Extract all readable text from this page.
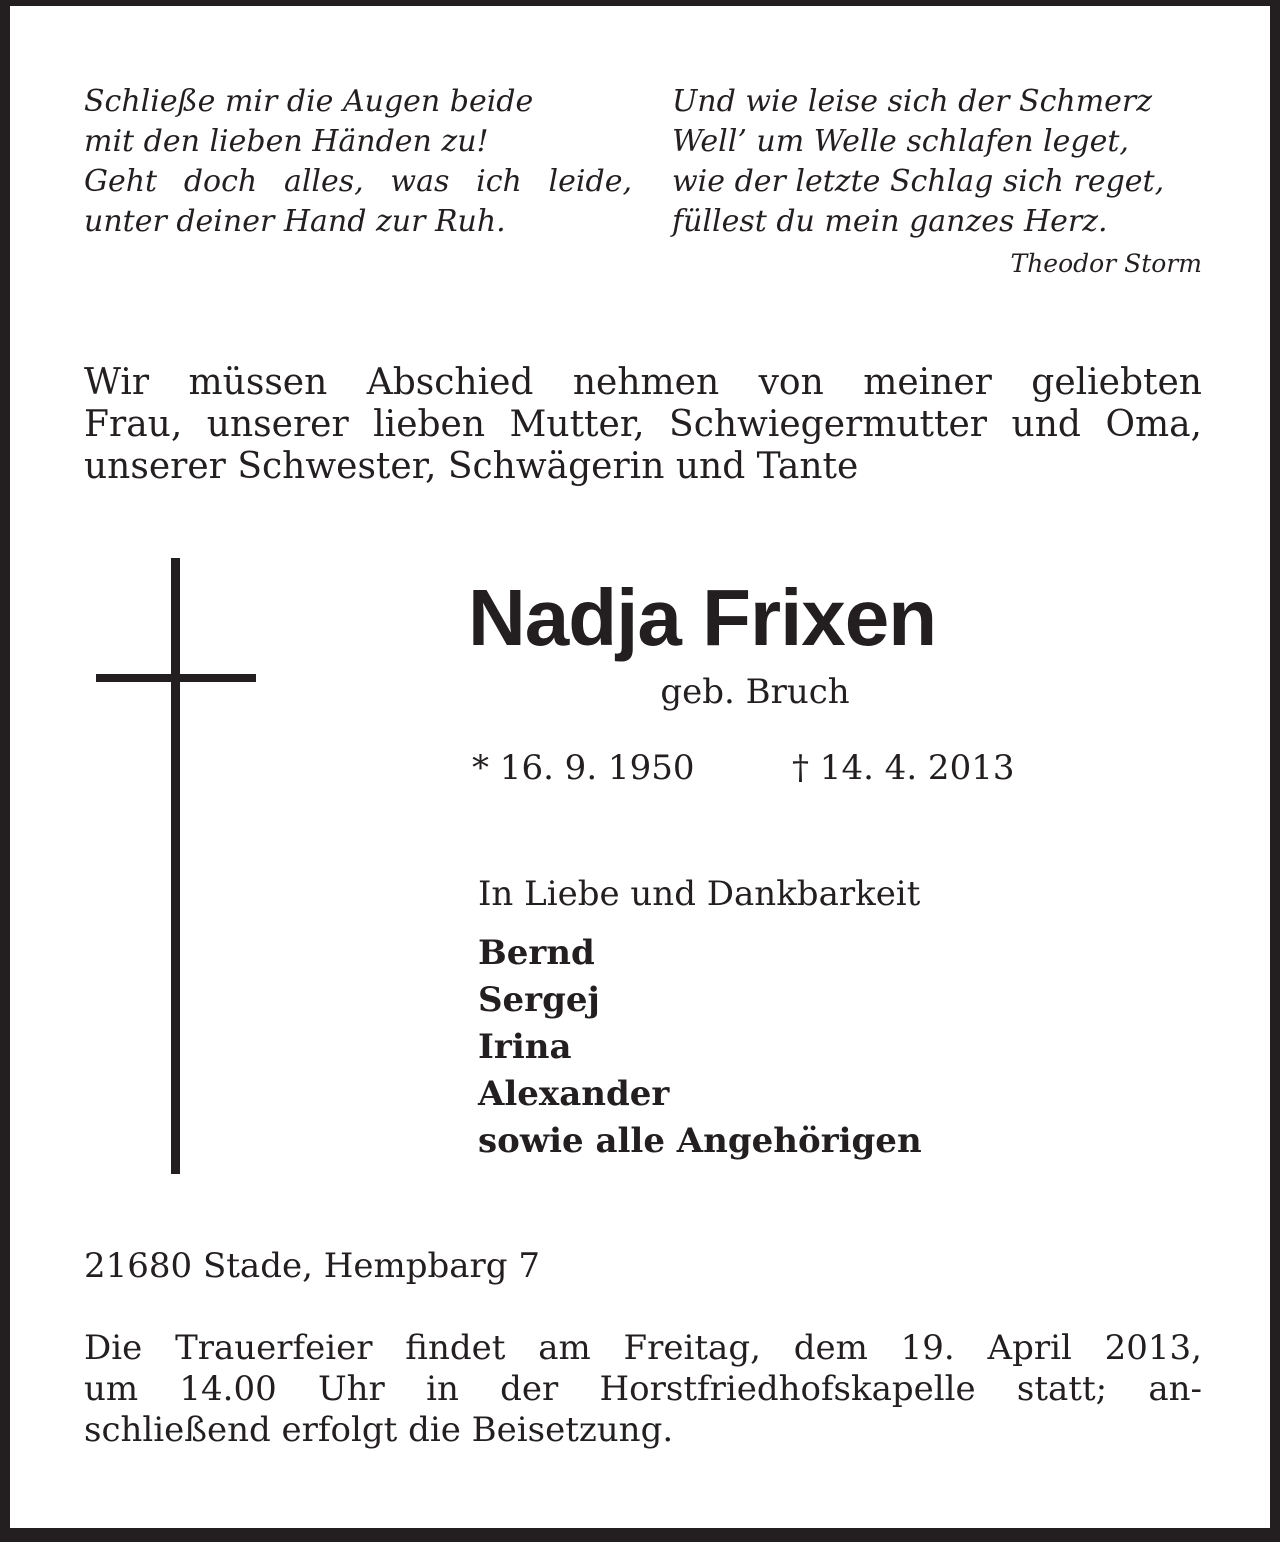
Schließe mir die Augen beide
mit den lieben Händen zu!
Geht doch alles, was ich leide,
unter deiner Hand zur Ruh.
Und wie leise sich der Schmerz
Well’ um Welle schlafen leget,
wie der letzte Schlag sich reget,
füllest du mein ganzes Herz.
Theodor Storm
Wir müssen Abschied nehmen von meiner geliebten
Frau, unserer lieben Mutter, Schwiegermutter und Oma,
unserer Schwester, Schwägerin und Tante
Nadja Frixen
geb. Bruch
* 16. 9. 1950	† 14. 4. 2013
In Liebe und Dankbarkeit
Bernd
Sergej
Irina
Alexander
sowie alle Angehörigen
21680 Stade, Hempbarg 7
Die Trauerfeier findet am Freitag, dem 19. April 2013,
um 14.00 Uhr in der Horstfriedhofskapelle statt; an-
schließend erfolgt die Beisetzung.
